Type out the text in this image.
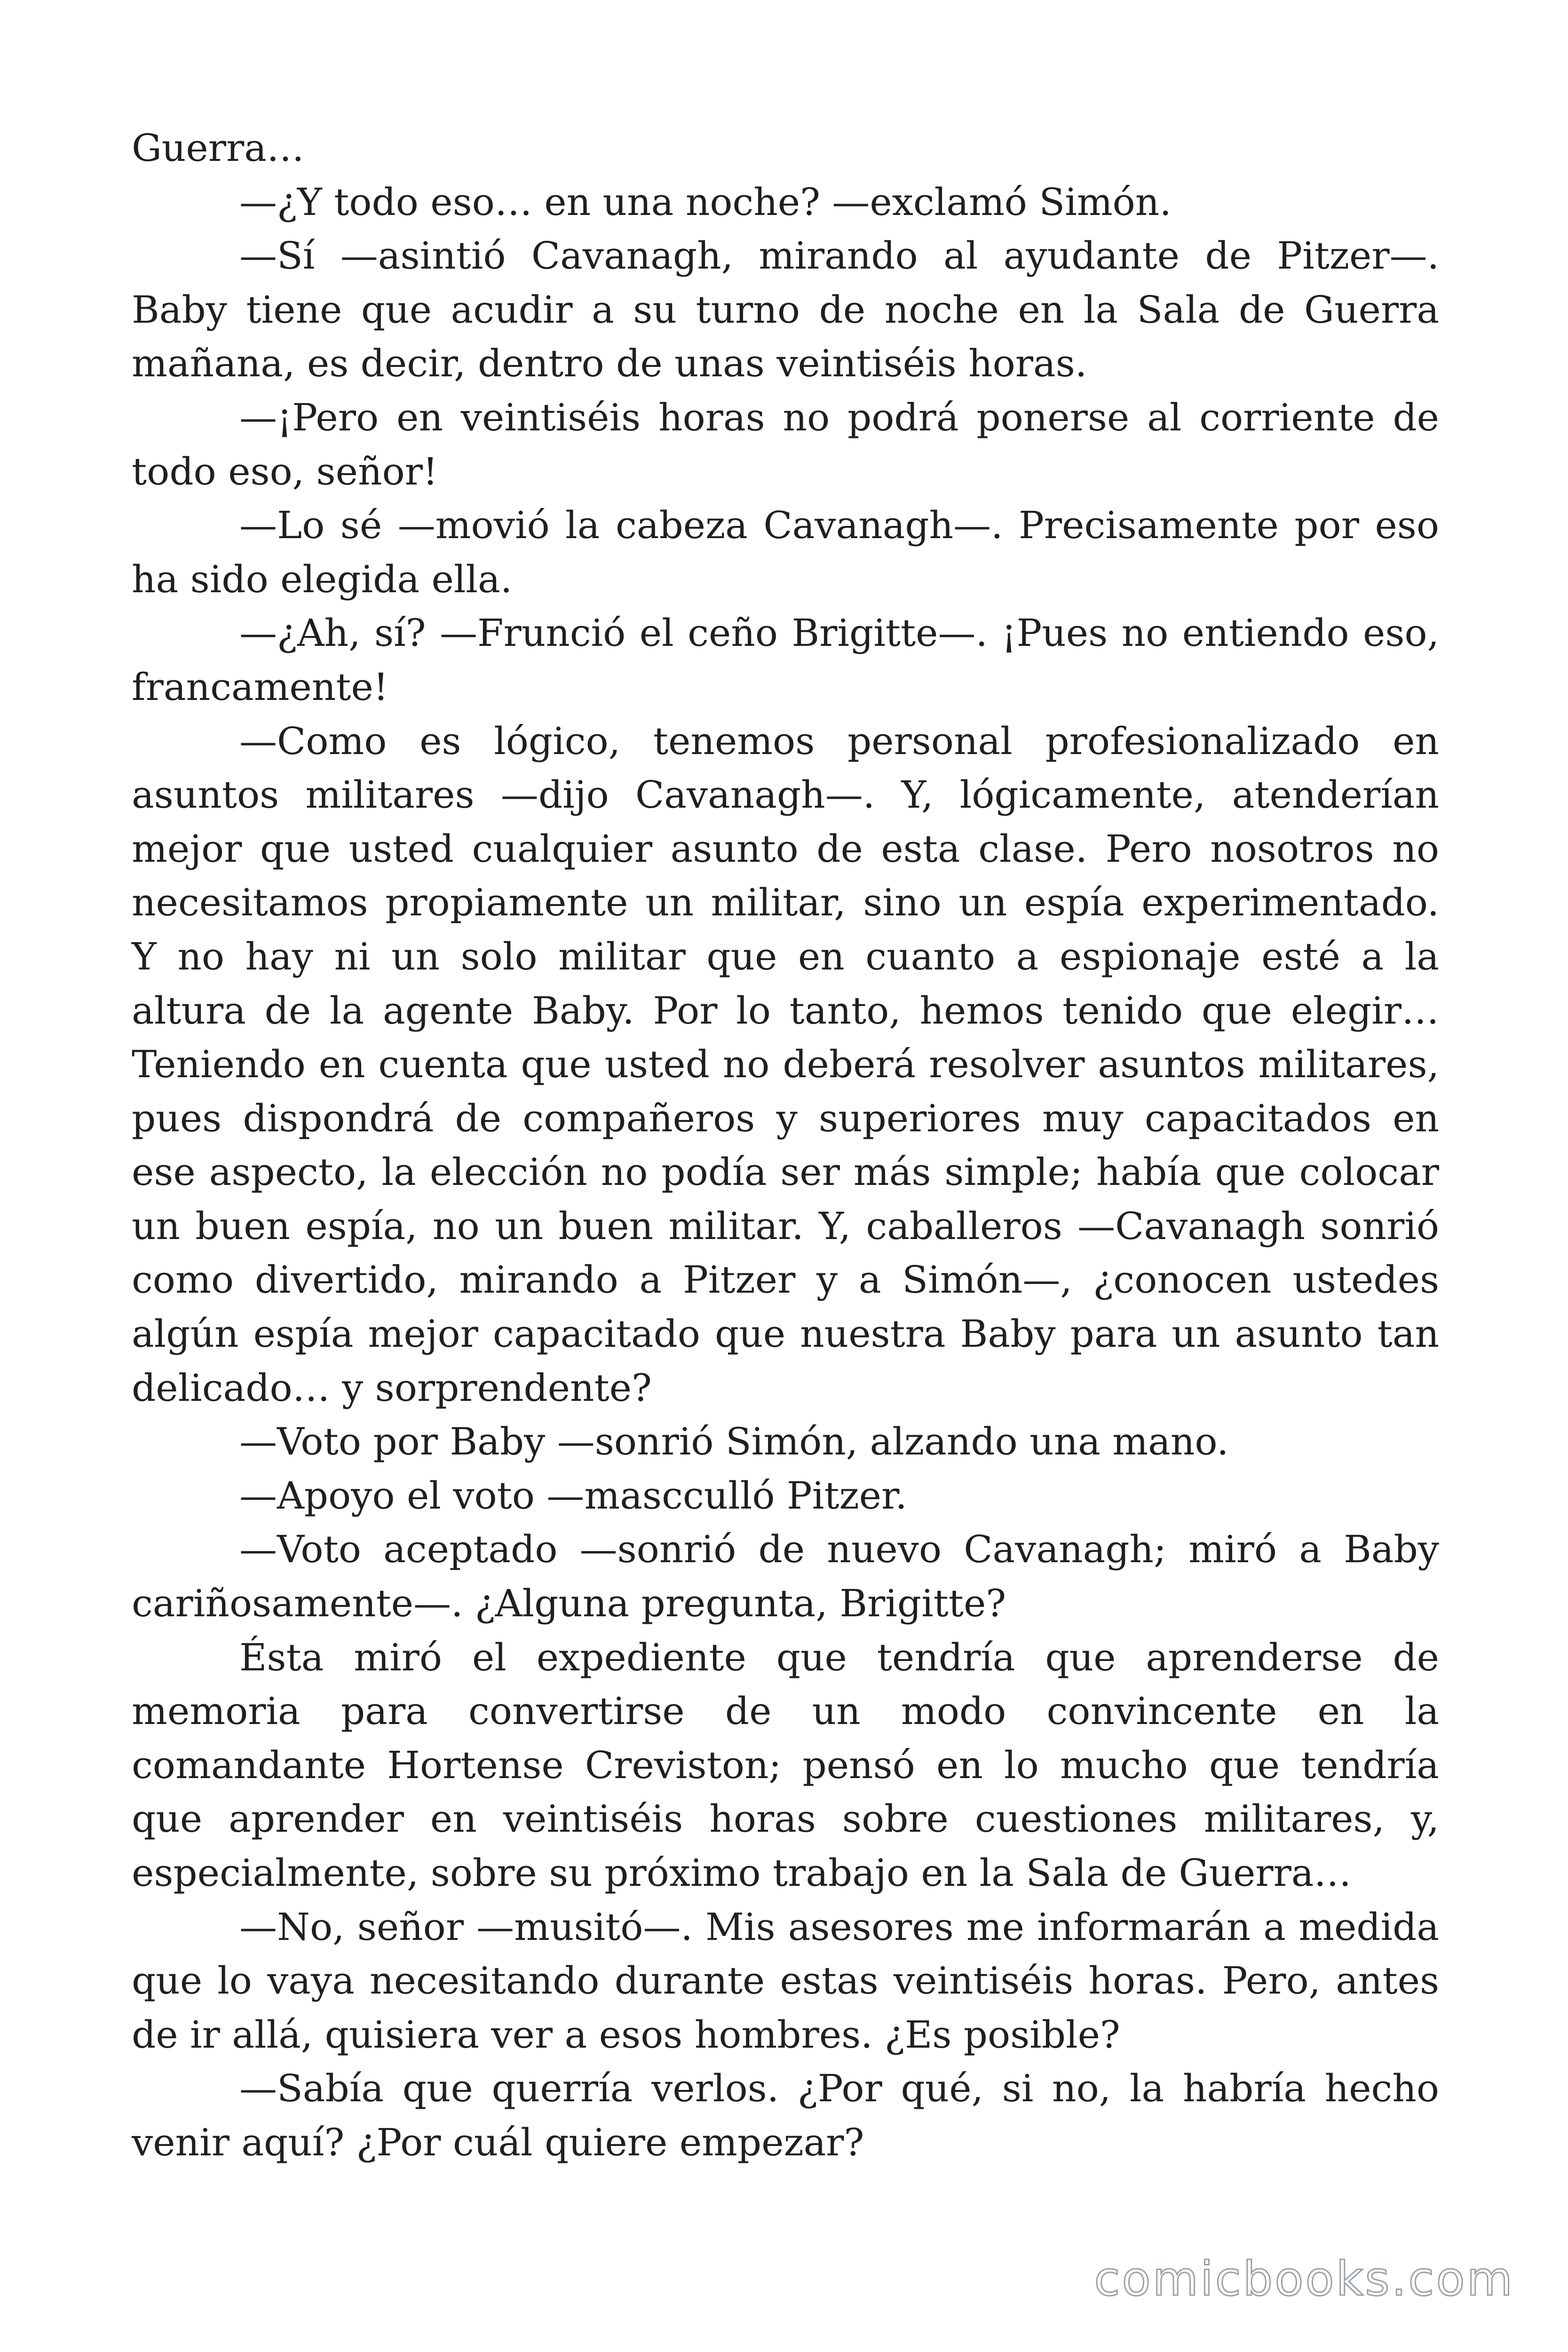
Guerra…

—¿Y todo eso… en una noche? —exclamó Simón.

—Sí —asintió Cavanagh, mirando al ayudante de Pitzer—. Baby tiene que acudir a su turno de noche en la Sala de Guerra mañana, es decir, dentro de unas veintiséis horas.

—¡Pero en veintiséis horas no podrá ponerse al corriente de todo eso, señor!

—Lo sé —movió la cabeza Cavanagh—. Precisamente por eso ha sido elegida ella.

—¿Ah, sí? —Frunció el ceño Brigitte—. ¡Pues no entiendo eso, francamente!

—Como es lógico, tenemos personal profesionalizado en asuntos militares —dijo Cavanagh—. Y, lógicamente, atenderían mejor que usted cualquier asunto de esta clase. Pero nosotros no necesitamos propiamente un militar, sino un espía experimentado. Y no hay ni un solo militar que en cuanto a espionaje esté a la altura de la agente Baby. Por lo tanto, hemos tenido que elegir… Teniendo en cuenta que usted no deberá resolver asuntos militares, pues dispondrá de compañeros y superiores muy capacitados en ese aspecto, la elección no podía ser más simple; había que colocar un buen espía, no un buen militar. Y, caballeros —Cavanagh sonrió como divertido, mirando a Pitzer y a Simón—, ¿conocen ustedes algún espía mejor capacitado que nuestra Baby para un asunto tan delicado… y sorprendente?

—Voto por Baby —sonrió Simón, alzando una mano.

—Apoyo el voto —mascculló Pitzer.

—Voto aceptado —sonrió de nuevo Cavanagh; miró a Baby cariñosamente—. ¿Alguna pregunta, Brigitte?

Ésta miró el expediente que tendría que aprenderse de memoria para convertirse de un modo convincente en la comandante Hortense Creviston; pensó en lo mucho que tendría que aprender en veintiséis horas sobre cuestiones militares, y, especialmente, sobre su próximo trabajo en la Sala de Guerra…

—No, señor —musitó—. Mis asesores me informarán a medida que lo vaya necesitando durante estas veintiséis horas. Pero, antes de ir allá, quisiera ver a esos hombres. ¿Es posible?

—Sabía que querría verlos. ¿Por qué, si no, la habría hecho venir aquí? ¿Por cuál quiere empezar?

comicbooks.com
